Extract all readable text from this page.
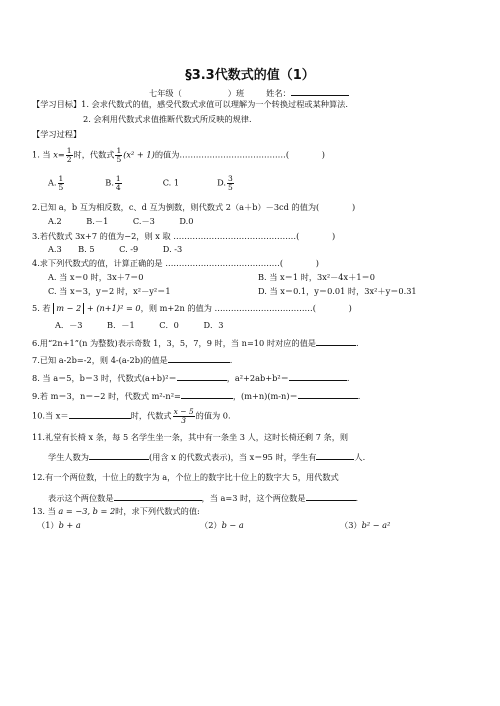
§3.3代数式的值（1）
七年级（	）班	姓名：
【学习目标】1. 会求代数式的值，感受代数式求值可以理解为一个转换过程或某种算法.
2. 会利用代数式求值推断代数式所反映的规律.
【学习过程】
1. 当 $x= \frac{1}{2}$ 时，代数式 $\frac{1}{5} (x^2 + 1)$的值为…………………………………(　　　　)
A. $\frac{1}{5}$	B. $\frac{1}{4}$	C. 1	D. $\frac{3}{5}$
2.已知 a，b 互为相反数，c、d 互为倒数，则代数式 2（a＋b）－3cd 的值为(　　　　)
A.2　　　B.－1　　　C.－3　　　D.0
3.若代数式 3x+7 的值为−2，则 x 取 ………………………………………(　　　　)
A.3　　B. 5　　　C. -9　　　D. -3
4.求下列代数式的值，计算正确的是 ……………………………………(　　　　)
A. 当 x＝0 时，3x＋7＝0	B. 当 x＝1 时，3x²－4x＋1＝0
C. 当 x＝3，y＝2 时，x²－y²＝1	D. 当 x＝0.1，y＝0.01 时，3x²＋y＝0.31
5. 若 m − 2 + (n+1)² = 0，则 m+2n 的值为 ………………………………(　　　　)
A．－3　　　B．－1　　　C．0　　　D．3
6.用“2n+1”(n 为整数)表示奇数 1，3，5，7，9 时，当 n=10 时对应的值是	.
7.已知 a-2b=-2，则 4-(a-2b)的值是	.
8. 当 a＝5，b＝3 时，代数式(a+b)²＝	，a²+2ab+b²＝	.
9.若 m＝3，n＝−2 时，代数式 m²-n²=	，(m+n)(m-n)＝	.
10.当 x＝	时，代数式 $\frac{x - 5}{3}$ 的值为 0.
11.礼堂有长椅 x 条，每 5 名学生坐一条，其中有一条坐 3 人，这时长椅还剩 7 条，则
学生人数为	(用含 x 的代数式表示)，当 x＝95 时，学生有	人.
12.有一个两位数，十位上的数字为 a，个位上的数字比十位上的数字大 5，用代数式
表示这个两位数是	，当 a=3 时，这个两位数是	.
13. 当 a = −3, b = 2时，求下列代数式的值:
（1）b + a	（2）b − a	（3）b² − a²
